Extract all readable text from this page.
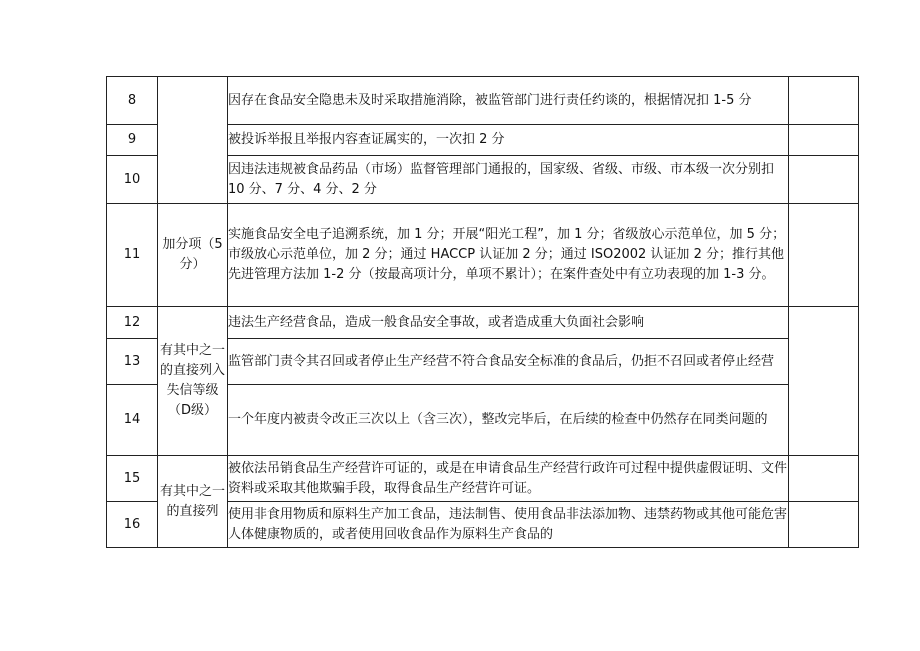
8		因存在食品安全隐患未及时采取措施消除，被监管部门进行责任约谈的，根据情况扣 1-5 分	
9		被投诉举报且举报内容查证属实的，一次扣 2 分	
10		因违法违规被食品药品（市场）监督管理部门通报的，国家级、省级、市级、市本级一次分别扣 10 分、7 分、4 分、2 分	
11	加分项（5分）	实施食品安全电子追溯系统，加 1 分；开展“阳光工程”，加 1 分；省级放心示范单位，加 5 分；市级放心示范单位，加 2 分；通过 HACCP 认证加 2 分；通过 ISO2002 认证加 2 分；推行其他先进管理方法加 1-2 分（按最高项计分，单项不累计）；在案件查处中有立功表现的加 1-3 分。	
12	有其中之一的直接列入失信等级（D级）	违法生产经营食品，造成一般食品安全事故，或者造成重大负面社会影响	
13		监管部门责令其召回或者停止生产经营不符合食品安全标准的食品后，仍拒不召回或者停止经营	
14		一个年度内被责令改正三次以上（含三次），整改完毕后，在后续的检查中仍然存在同类问题的	
15	有其中之一的直接列	被依法吊销食品生产经营许可证的，或是在申请食品生产经营行政许可过程中提供虚假证明、文件资料或采取其他欺骗手段，取得食品生产经营许可证。	
16		使用非食用物质和原料生产加工食品，违法制售、使用食品非法添加物、违禁药物或其他可能危害人体健康物质的，或者使用回收食品作为原料生产食品的	
